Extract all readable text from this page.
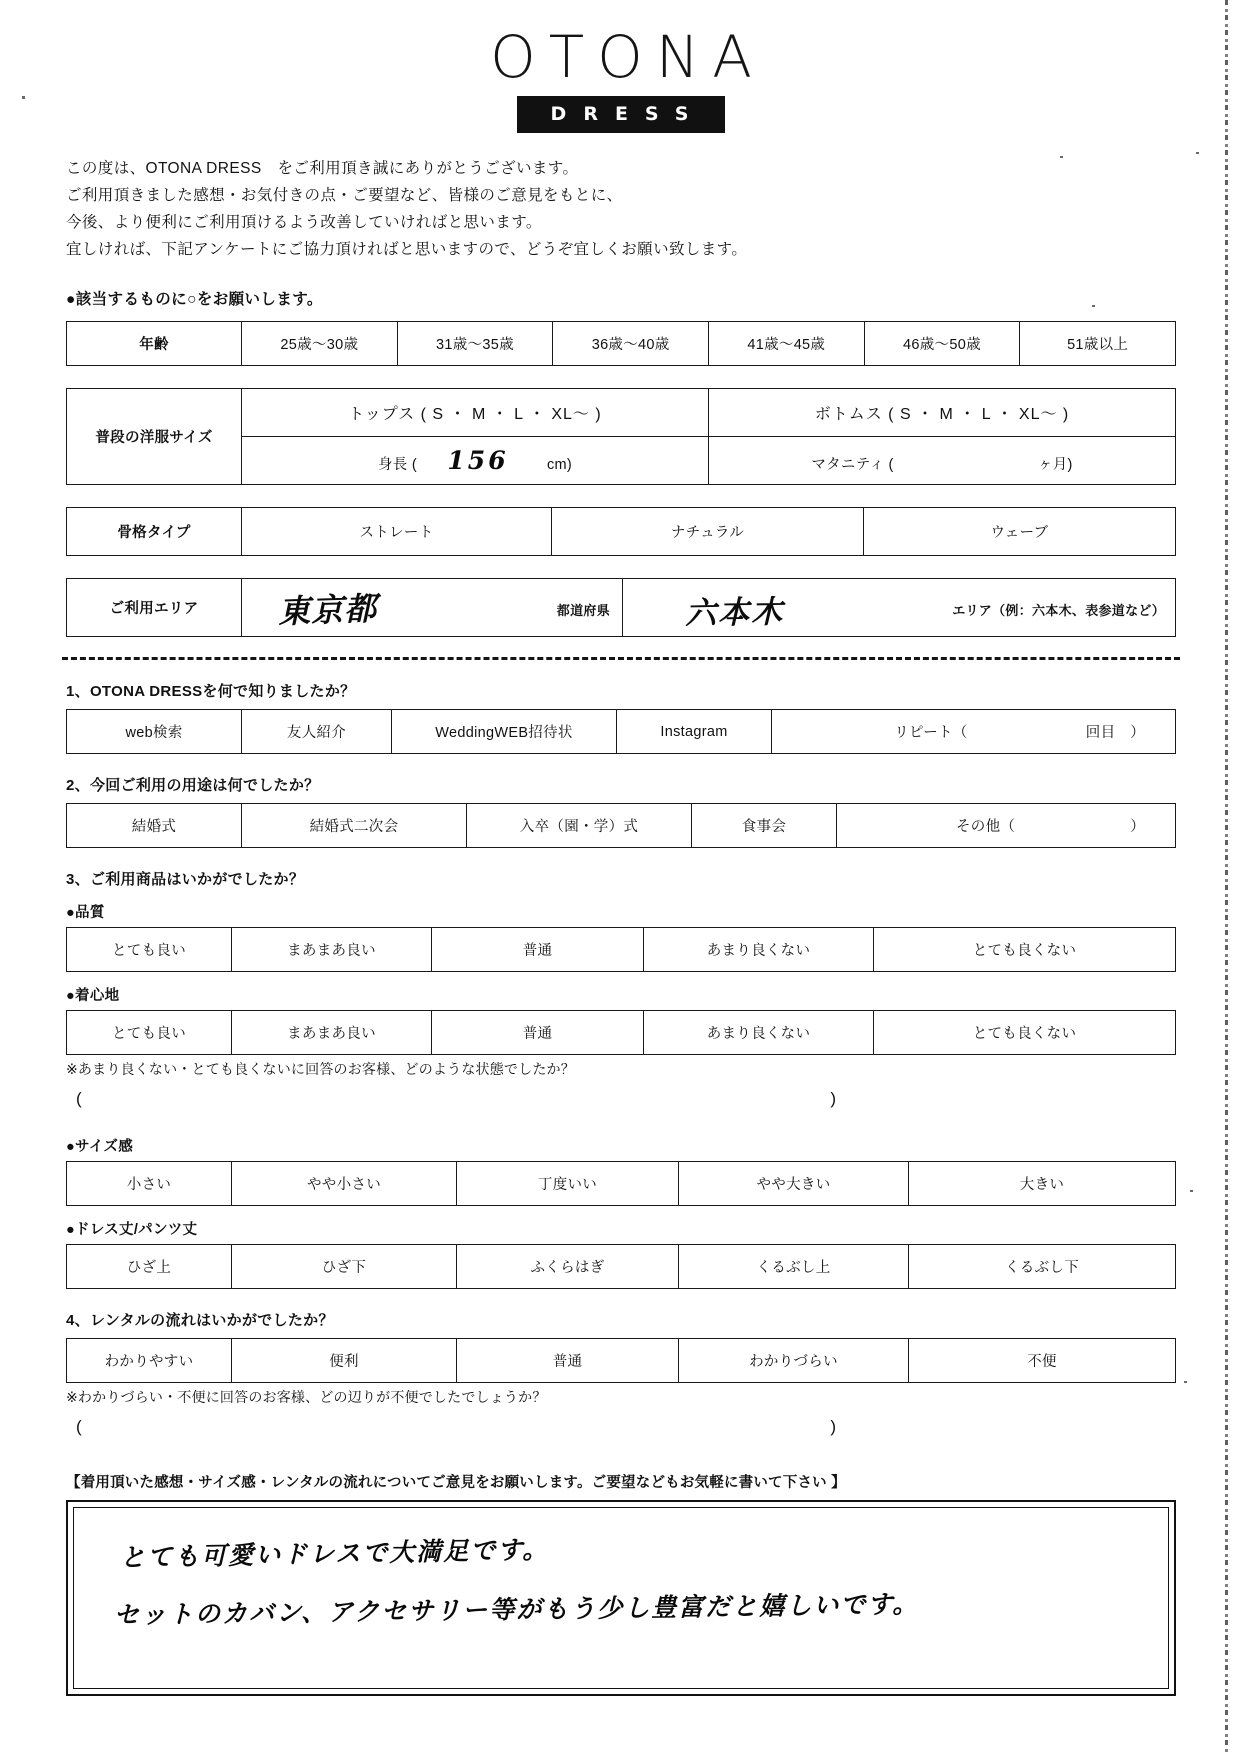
OTONA
DRESS
この度は、OTONA DRESS　をご利用頂き誠にありがとうございます。
ご利用頂きました感想・お気付きの点・ご要望など、皆様のご意見をもとに、
今後、より便利にご利用頂けるよう改善していければと思います。
宜しければ、下記アンケートにご協力頂ければと思いますので、どうぞ宜しくお願い致します。
●該当するものに○をお願いします。
年齢	25歳～30歳	31歳～35歳	36歳～40歳	41歳～45歳	46歳～50歳	51歳以上
普段の洋服サイズ	トップス ( S ・ M ・ L ・ XL～ )	ボトムス ( S ・ M ・ L ・ XL～ )
	身長 ( 156 cm)	マタニティ ( ヶ月)
骨格タイプ	ストレート	ナチュラル	ウェーブ
ご利用エリア	東京都	都道府県	六本木	エリア（例：六本木、表参道など）
1、OTONA DRESSを何で知りましたか？
web検索	友人紹介	WeddingWEB招待状	Instagram	リピート（	回目　）
2、今回ご利用の用途は何でしたか？
結婚式	結婚式二次会	入卒（園・学）式	食事会	その他（	）
3、ご利用商品はいかがでしたか？
●品質
とても良い	まあまあ良い	普通	あまり良くない	とても良くない
●着心地
とても良い	まあまあ良い	普通	あまり良くない	とても良くない
※あまり良くない・とても良くないに回答のお客様、どのような状態でしたか？
(	)
●サイズ感
小さい	やや小さい	丁度いい	やや大きい	大きい
●ドレス丈/パンツ丈
ひざ上	ひざ下	ふくらはぎ	くるぶし上	くるぶし下
4、レンタルの流れはいかがでしたか？
わかりやすい	便利	普通	わかりづらい	不便
※わかりづらい・不便に回答のお客様、どの辺りが不便でしたでしょうか？
(	)
【着用頂いた感想・サイズ感・レンタルの流れについてご意見をお願いします。ご要望などもお気軽に書いて下さい 】
とても可愛いドレスで大満足です。
セットのカバン、アクセサリー等がもう少し豊富だと嬉しいです。
